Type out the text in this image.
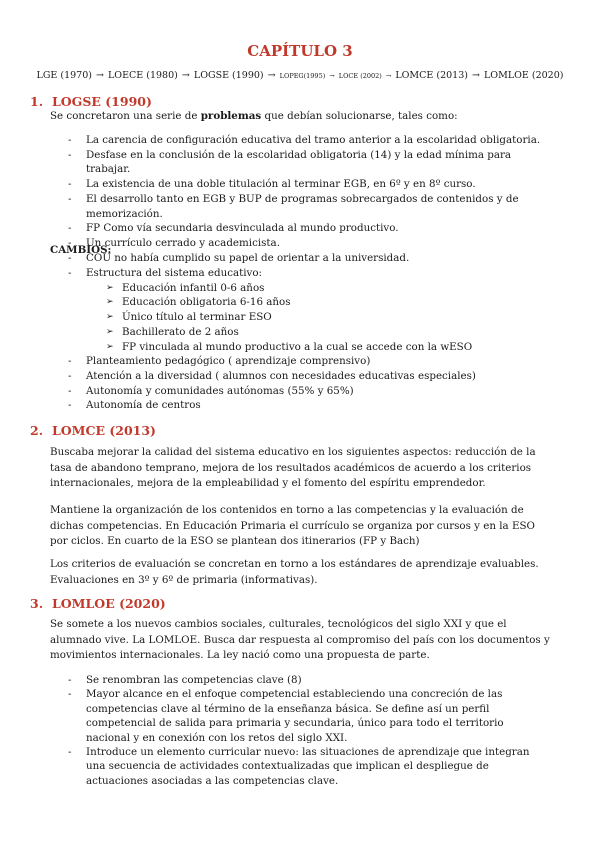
CAPÍTULO 3
LGE (1970) → LOECE (1980) → LOGSE (1990) → LOPEG(1995) → LOCE (2002) → LOMCE (2013) → LOMLOE (2020)
1. LOGSE (1990)
Se concretaron una serie de problemas que debían solucionarse, tales como:
- La carencia de configuración educativa del tramo anterior a la escolaridad obligatoria.
- Desfase en la conclusión de la escolaridad obligatoria (14) y la edad mínima para trabajar.
- La existencia de una doble titulación al terminar EGB, en 6º y en 8º curso.
- El desarrollo tanto en EGB y BUP de programas sobrecargados de contenidos y de memorización.
- FP Como vía secundaria desvinculada al mundo productivo.
- Un currículo cerrado y academicista.
- COU no había cumplido su papel de orientar a la universidad.
CAMBIOS:
- Estructura del sistema educativo:
➢ Educación infantil 0-6 años
➢ Educación obligatoria 6-16 años
➢ Único título al terminar ESO
➢ Bachillerato de 2 años
➢ FP vinculada al mundo productivo a la cual se accede con la wESO
- Planteamiento pedagógico ( aprendizaje comprensivo)
- Atención a la diversidad ( alumnos con necesidades educativas especiales)
- Autonomía y comunidades autónomas (55% y 65%)
- Autonomía de centros
2. LOMCE (2013)
Buscaba mejorar la calidad del sistema educativo en los siguientes aspectos: reducción de la tasa de abandono temprano, mejora de los resultados académicos de acuerdo a los criterios internacionales, mejora de la empleabilidad y el fomento del espíritu emprendedor.
Mantiene la organización de los contenidos en torno a las competencias y la evaluación de dichas competencias. En Educación Primaria el currículo se organiza por cursos y en la ESO por ciclos. En cuarto de la ESO se plantean dos itinerarios (FP y Bach)
Los criterios de evaluación se concretan en torno a los estándares de aprendizaje evaluables. Evaluaciones en 3º y 6º de primaria (informativas).
3. LOMLOE (2020)
Se somete a los nuevos cambios sociales, culturales, tecnológicos del siglo XXI y que el alumnado vive. La LOMLOE. Busca dar respuesta al compromiso del país con los documentos y movimientos internacionales. La ley nació como una propuesta de parte.
- Se renombran las competencias clave (8)
- Mayor alcance en el enfoque competencial estableciendo una concreción de las competencias clave al término de la enseñanza básica. Se define así un perfil competencial de salida para primaria y secundaria, único para todo el territorio nacional y en conexión con los retos del siglo XXI.
- Introduce un elemento curricular nuevo: las situaciones de aprendizaje que integran una secuencia de actividades contextualizadas que implican el despliegue de actuaciones asociadas a las competencias clave.
